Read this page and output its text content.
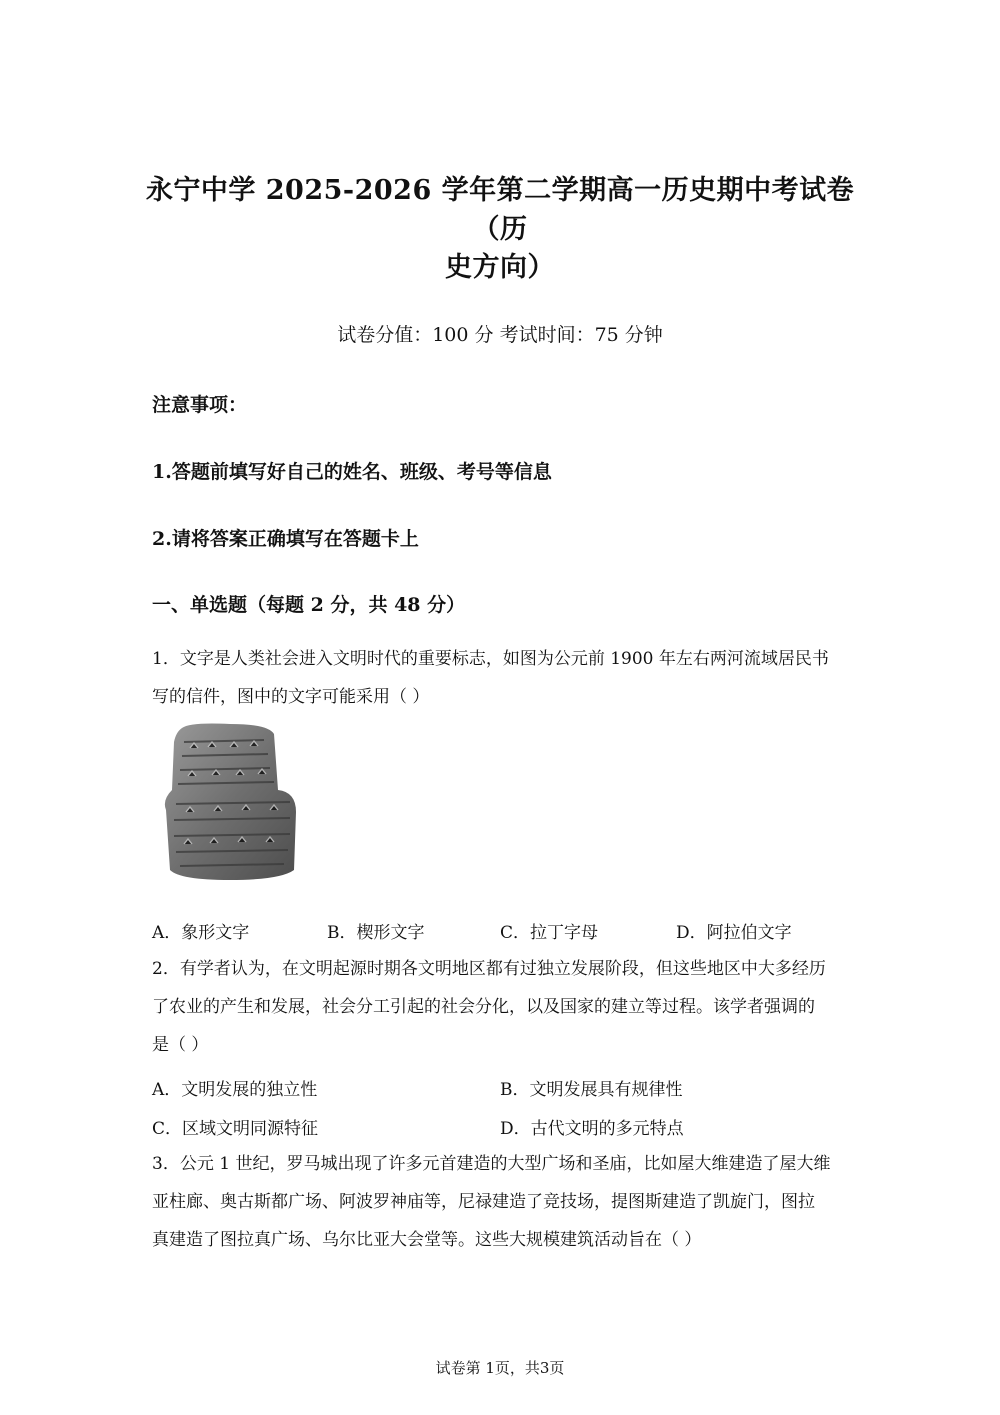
永宁中学 2025-2026 学年第二学期高一历史期中考试卷（历
史方向）
试卷分值：100 分 考试时间：75 分钟
注意事项：
1.答题前填写好自己的姓名、班级、考号等信息
2.请将答案正确填写在答题卡上
一、单选题（每题 2 分，共 48 分）
1．文字是人类社会进入文明时代的重要标志，如图为公元前 1900 年左右两河流域居民书
写的信件，图中的文字可能采用（ ）
A．象形文字	B．楔形文字	C．拉丁字母	D．阿拉伯文字
2．有学者认为，在文明起源时期各文明地区都有过独立发展阶段，但这些地区中大多经历
了农业的产生和发展，社会分工引起的社会分化，以及国家的建立等过程。该学者强调的
是（ ）
A．文明发展的独立性	B．文明发展具有规律性
C．区域文明同源特征	D．古代文明的多元特点
3．公元 1 世纪，罗马城出现了许多元首建造的大型广场和圣庙，比如屋大维建造了屋大维
亚柱廊、奥古斯都广场、阿波罗神庙等，尼禄建造了竞技场，提图斯建造了凯旋门，图拉
真建造了图拉真广场、乌尔比亚大会堂等。这些大规模建筑活动旨在（ ）
试卷第 1页，共3页
